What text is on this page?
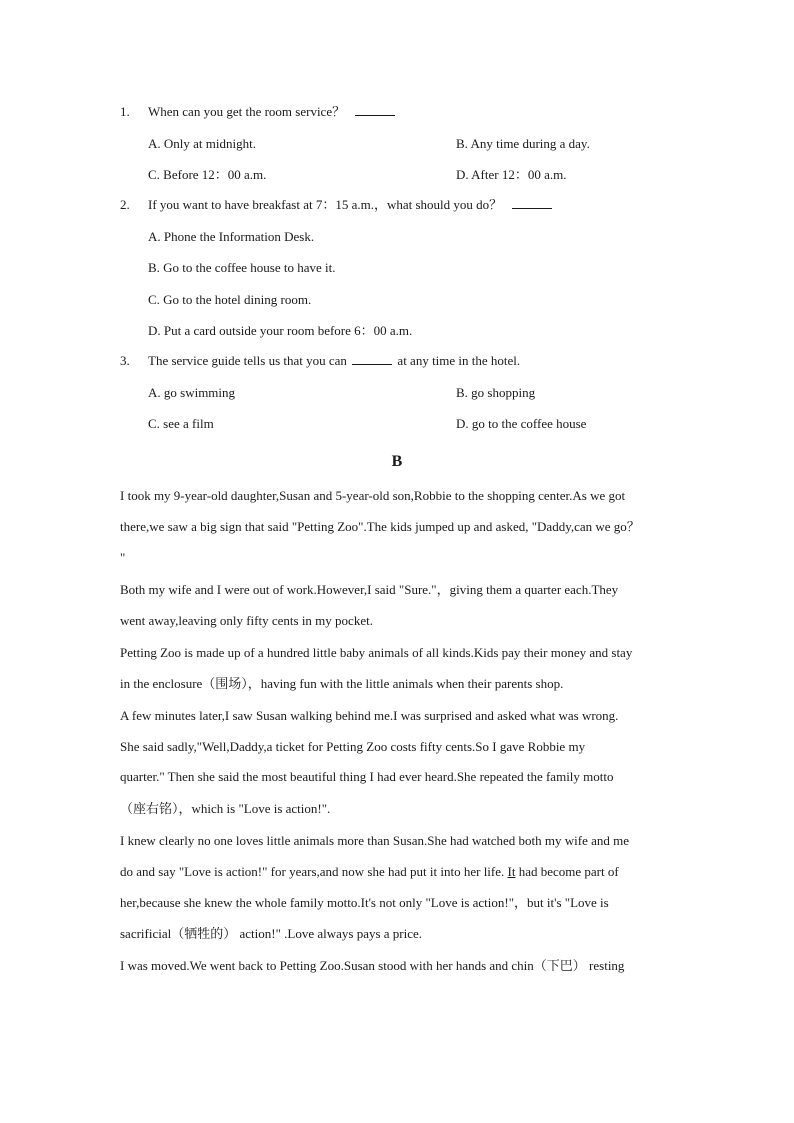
1. When can you get the room service？
A. Only at midnight.	B. Any time during a day.
C. Before 12：00 a.m.	D. After 12：00 a.m.
2. If you want to have breakfast at 7：15 a.m.，what should you do？
A. Phone the Information Desk.
B. Go to the coffee house to have it.
C. Go to the hotel dining room.
D. Put a card outside your room before 6：00 a.m.
3. The service guide tells us that you can	at any time in the hotel.
A. go swimming	B. go shopping
C. see a film	D. go to the coffee house
B
I took my 9-year-old daughter,Susan and 5-year-old son,Robbie to the shopping center.As we got
there,we saw a big sign that said "Petting Zoo".The kids jumped up and asked, "Daddy,can we go？
"
Both my wife and I were out of work.However,I said "Sure."，giving them a quarter each.They
went away,leaving only fifty cents in my pocket.
Petting Zoo is made up of a hundred little baby animals of all kinds.Kids pay their money and stay
in the enclosure（围场），having fun with the little animals when their parents shop.
A few minutes later,I saw Susan walking behind me.I was surprised and asked what was wrong.
She said sadly,"Well,Daddy,a ticket for Petting Zoo costs fifty cents.So I gave Robbie my
quarter." Then she said the most beautiful thing I had ever heard.She repeated the family motto
（座右铭），which is "Love is action!".
I knew clearly no one loves little animals more than Susan.She had watched both my wife and me
do and say "Love is action!" for years,and now she had put it into her life. It had become part of
her,because she knew the whole family motto.It's not only "Love is action!"，but it's "Love is
sacrificial（牺牲的） action!" .Love always pays a price.
I was moved.We went back to Petting Zoo.Susan stood with her hands and chin（下巴） resting
